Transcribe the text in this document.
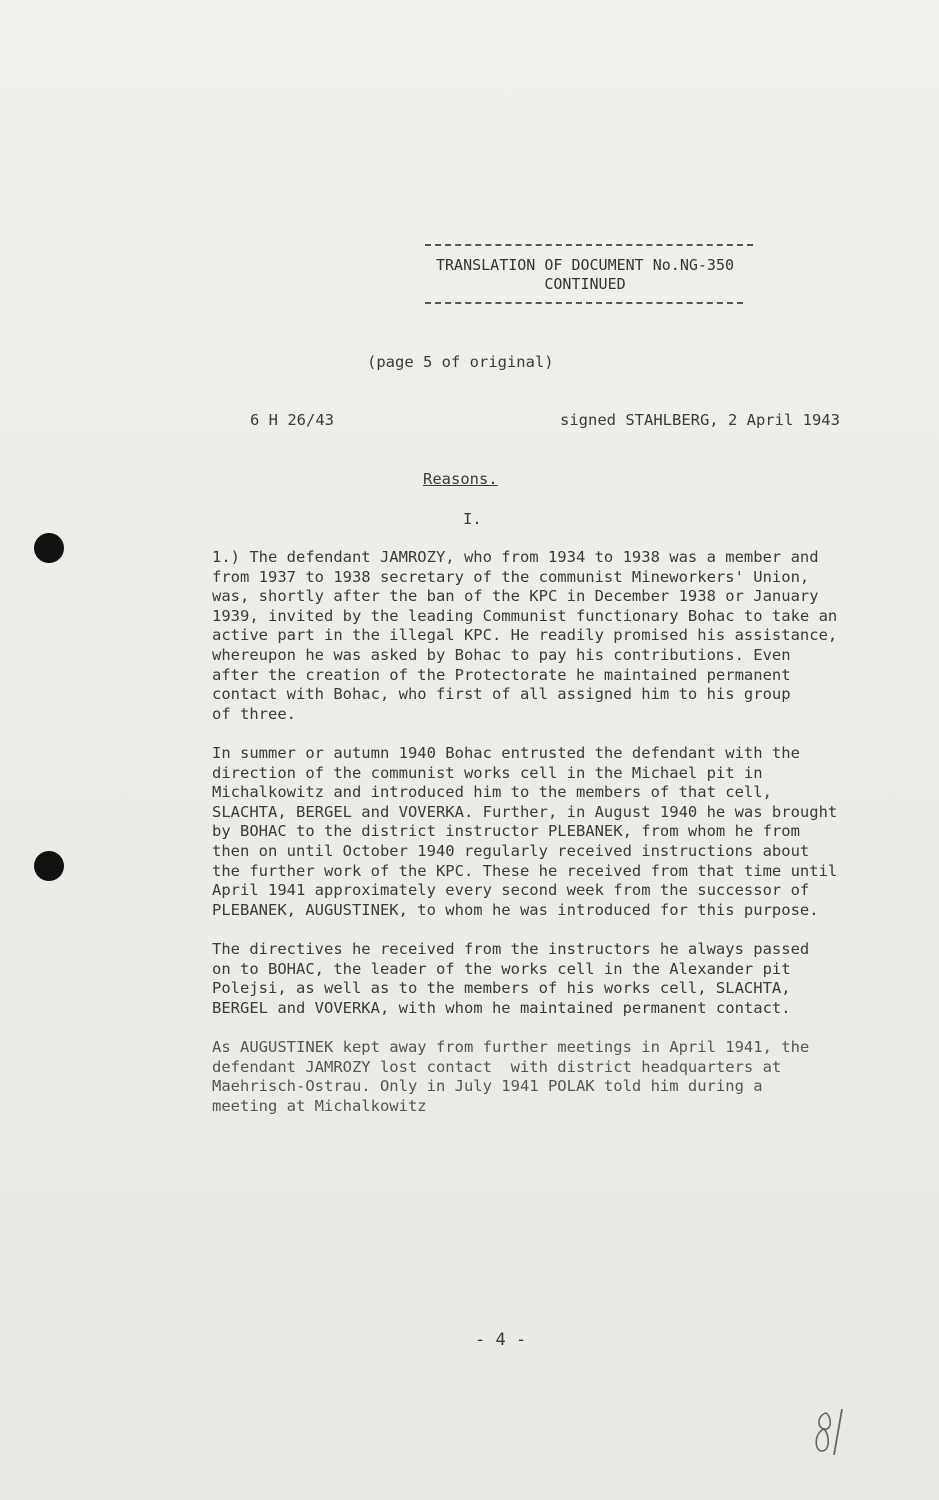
TRANSLATION OF DOCUMENT No.NG-350
CONTINUED
(page 5 of original)
6 H 26/43	signed STAHLBERG, 2 April 1943
Reasons.
I.
1.) The defendant JAMROZY, who from 1934 to 1938 was a member and
from 1937 to 1938 secretary of the communist Mineworkers' Union,
was, shortly after the ban of the KPC in December 1938 or January
1939, invited by the leading Communist functionary Bohac to take an
active part in the illegal KPC. He readily promised his assistance,
whereupon he was asked by Bohac to pay his contributions. Even
after the creation of the Protectorate he maintained permanent
contact with Bohac, who first of all assigned him to his group
of three.
In summer or autumn 1940 Bohac entrusted the defendant with the
direction of the communist works cell in the Michael pit in
Michalkowitz and introduced him to the members of that cell,
SLACHTA, BERGEL and VOVERKA. Further, in August 1940 he was brought
by BOHAC to the district instructor PLEBANEK, from whom he from
then on until October 1940 regularly received instructions about
the further work of the KPC. These he received from that time until
April 1941 approximately every second week from the successor of
PLEBANEK, AUGUSTINEK, to whom he was introduced for this purpose.
The directives he received from the instructors he always passed
on to BOHAC, the leader of the works cell in the Alexander pit
Polejsi, as well as to the members of his works cell, SLACHTA,
BERGEL and VOVERKA, with whom he maintained permanent contact.
As AUGUSTINEK kept away from further meetings in April 1941, the
defendant JAMROZY lost contact  with district headquarters at
Maehrisch-Ostrau. Only in July 1941 POLAK told him during a
meeting at Michalkowitz
- 4 -
